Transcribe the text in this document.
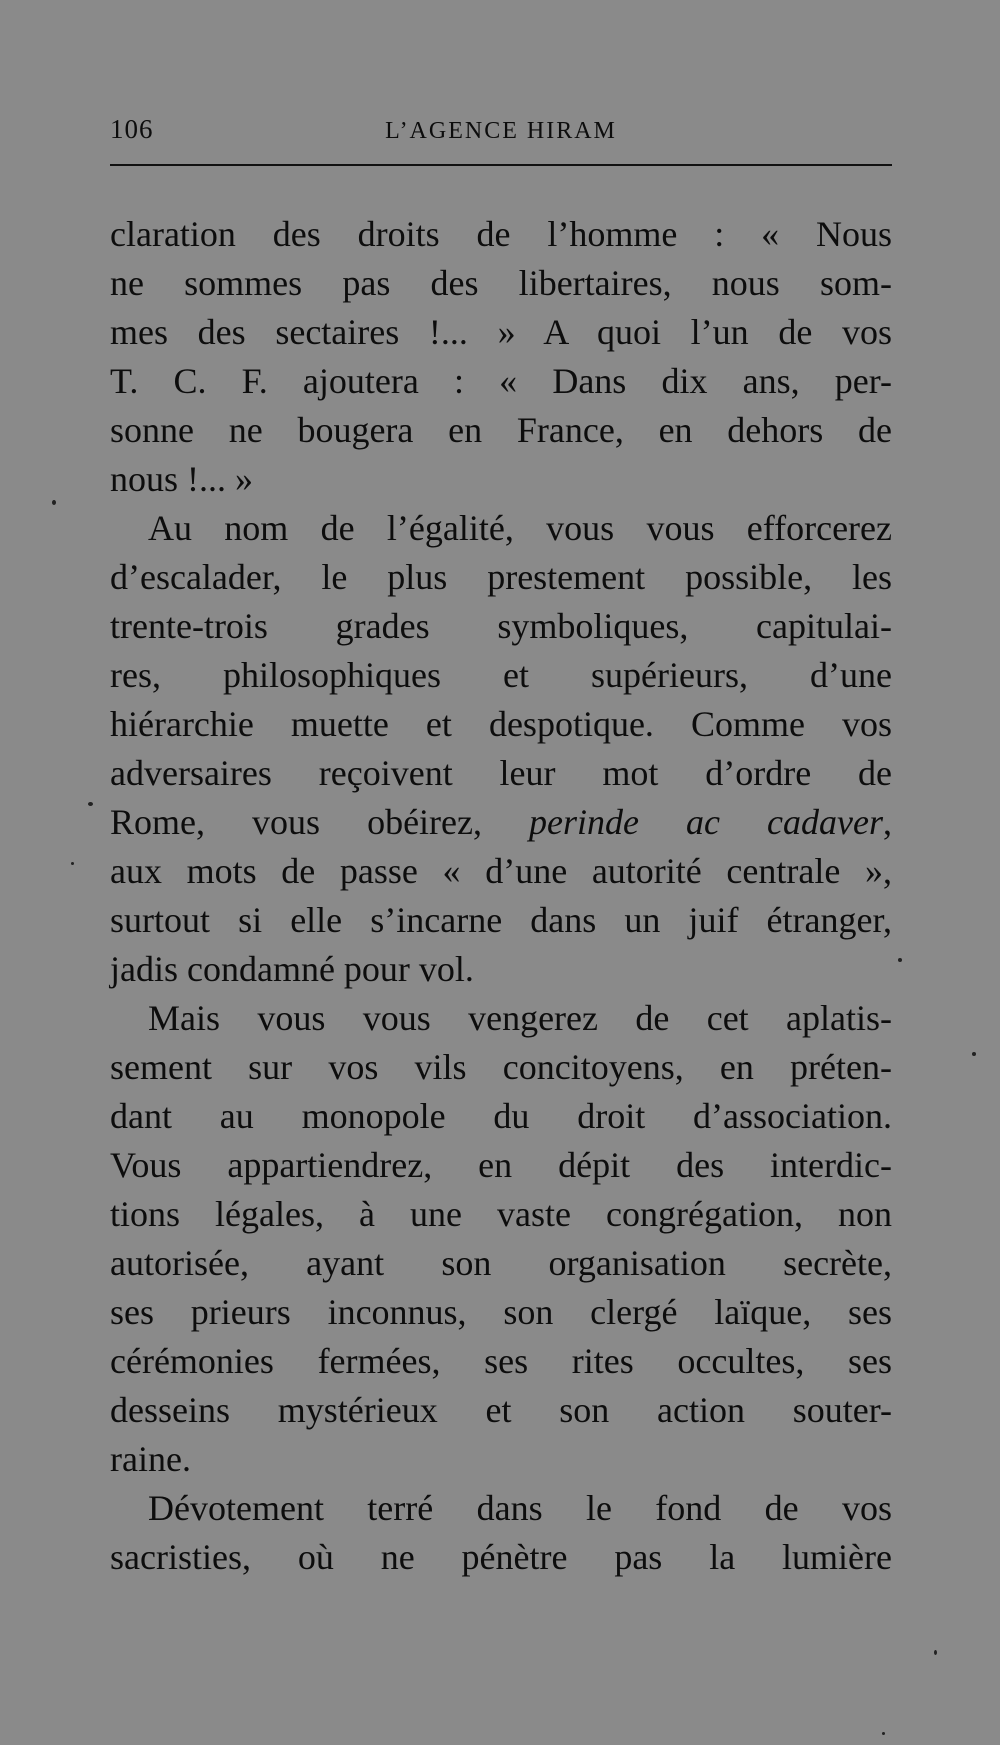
106	L’AGENCE HIRAM
claration des droits de l’homme : « Nous
ne sommes pas des libertaires, nous som-
mes des sectaires !... » A quoi l’un de vos
T. C. F. ajoutera : « Dans dix ans, per-
sonne ne bougera en France, en dehors de
nous !... »
Au nom de l’égalité, vous vous efforcerez
d’escalader, le plus prestement possible, les
trente-trois grades symboliques, capitulai-
res, philosophiques et supérieurs, d’une
hiérarchie muette et despotique. Comme vos
adversaires reçoivent leur mot d’ordre de
Rome, vous obéirez, perinde ac cadaver,
aux mots de passe « d’une autorité centrale »,
surtout si elle s’incarne dans un juif étranger,
jadis condamné pour vol.
Mais vous vous vengerez de cet aplatis-
sement sur vos vils concitoyens, en préten-
dant au monopole du droit d’association.
Vous appartiendrez, en dépit des interdic-
tions légales, à une vaste congrégation, non
autorisée, ayant son organisation secrète,
ses prieurs inconnus, son clergé laïque, ses
cérémonies fermées, ses rites occultes, ses
desseins mystérieux et son action souter-
raine.
Dévotement terré dans le fond de vos
sacristies, où ne pénètre pas la lumière
